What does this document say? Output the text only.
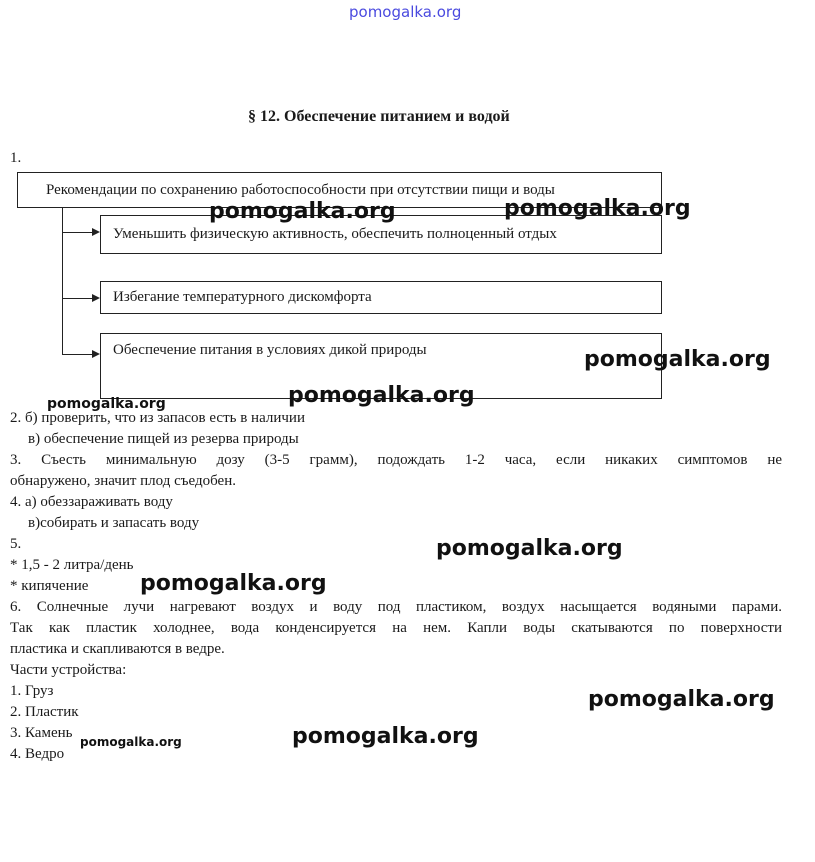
pomogalka.org
§ 12. Обеспечение питанием и водой
1.
Рекомендации по сохранению работоспособности при отсутствии пищи и воды
Уменьшить физическую активность, обеспечить полноценный отдых
Избегание температурного дискомфорта
Обеспечение питания в условиях дикой природы
2. б) проверить, что из запасов есть в наличии
в) обеспечение пищей из резерва природы
3. Съесть минимальную дозу (3-5 грамм), подождать 1-2 часа, если никаких симптомов не
обнаружено, значит плод съедобен.
4. а) обеззараживать воду
в)собирать и запасать воду
5.
* 1,5 - 2 литра/день
* кипячение
6. Солнечные лучи нагревают воздух и воду под пластиком, воздух насыщается водяными парами.
Так как пластик холоднее, вода конденсируется на нем. Капли воды скатываются по поверхности
пластика и скапливаются в ведре.
Части устройства:
1. Груз
2. Пластик
3. Камень
4. Ведро
pomogalka.org	pomogalka.org
pomogalka.org
pomogalka.org
pomogalka.org
pomogalka.org
pomogalka.org
pomogalka.org
pomogalka.org
pomogalka.org
